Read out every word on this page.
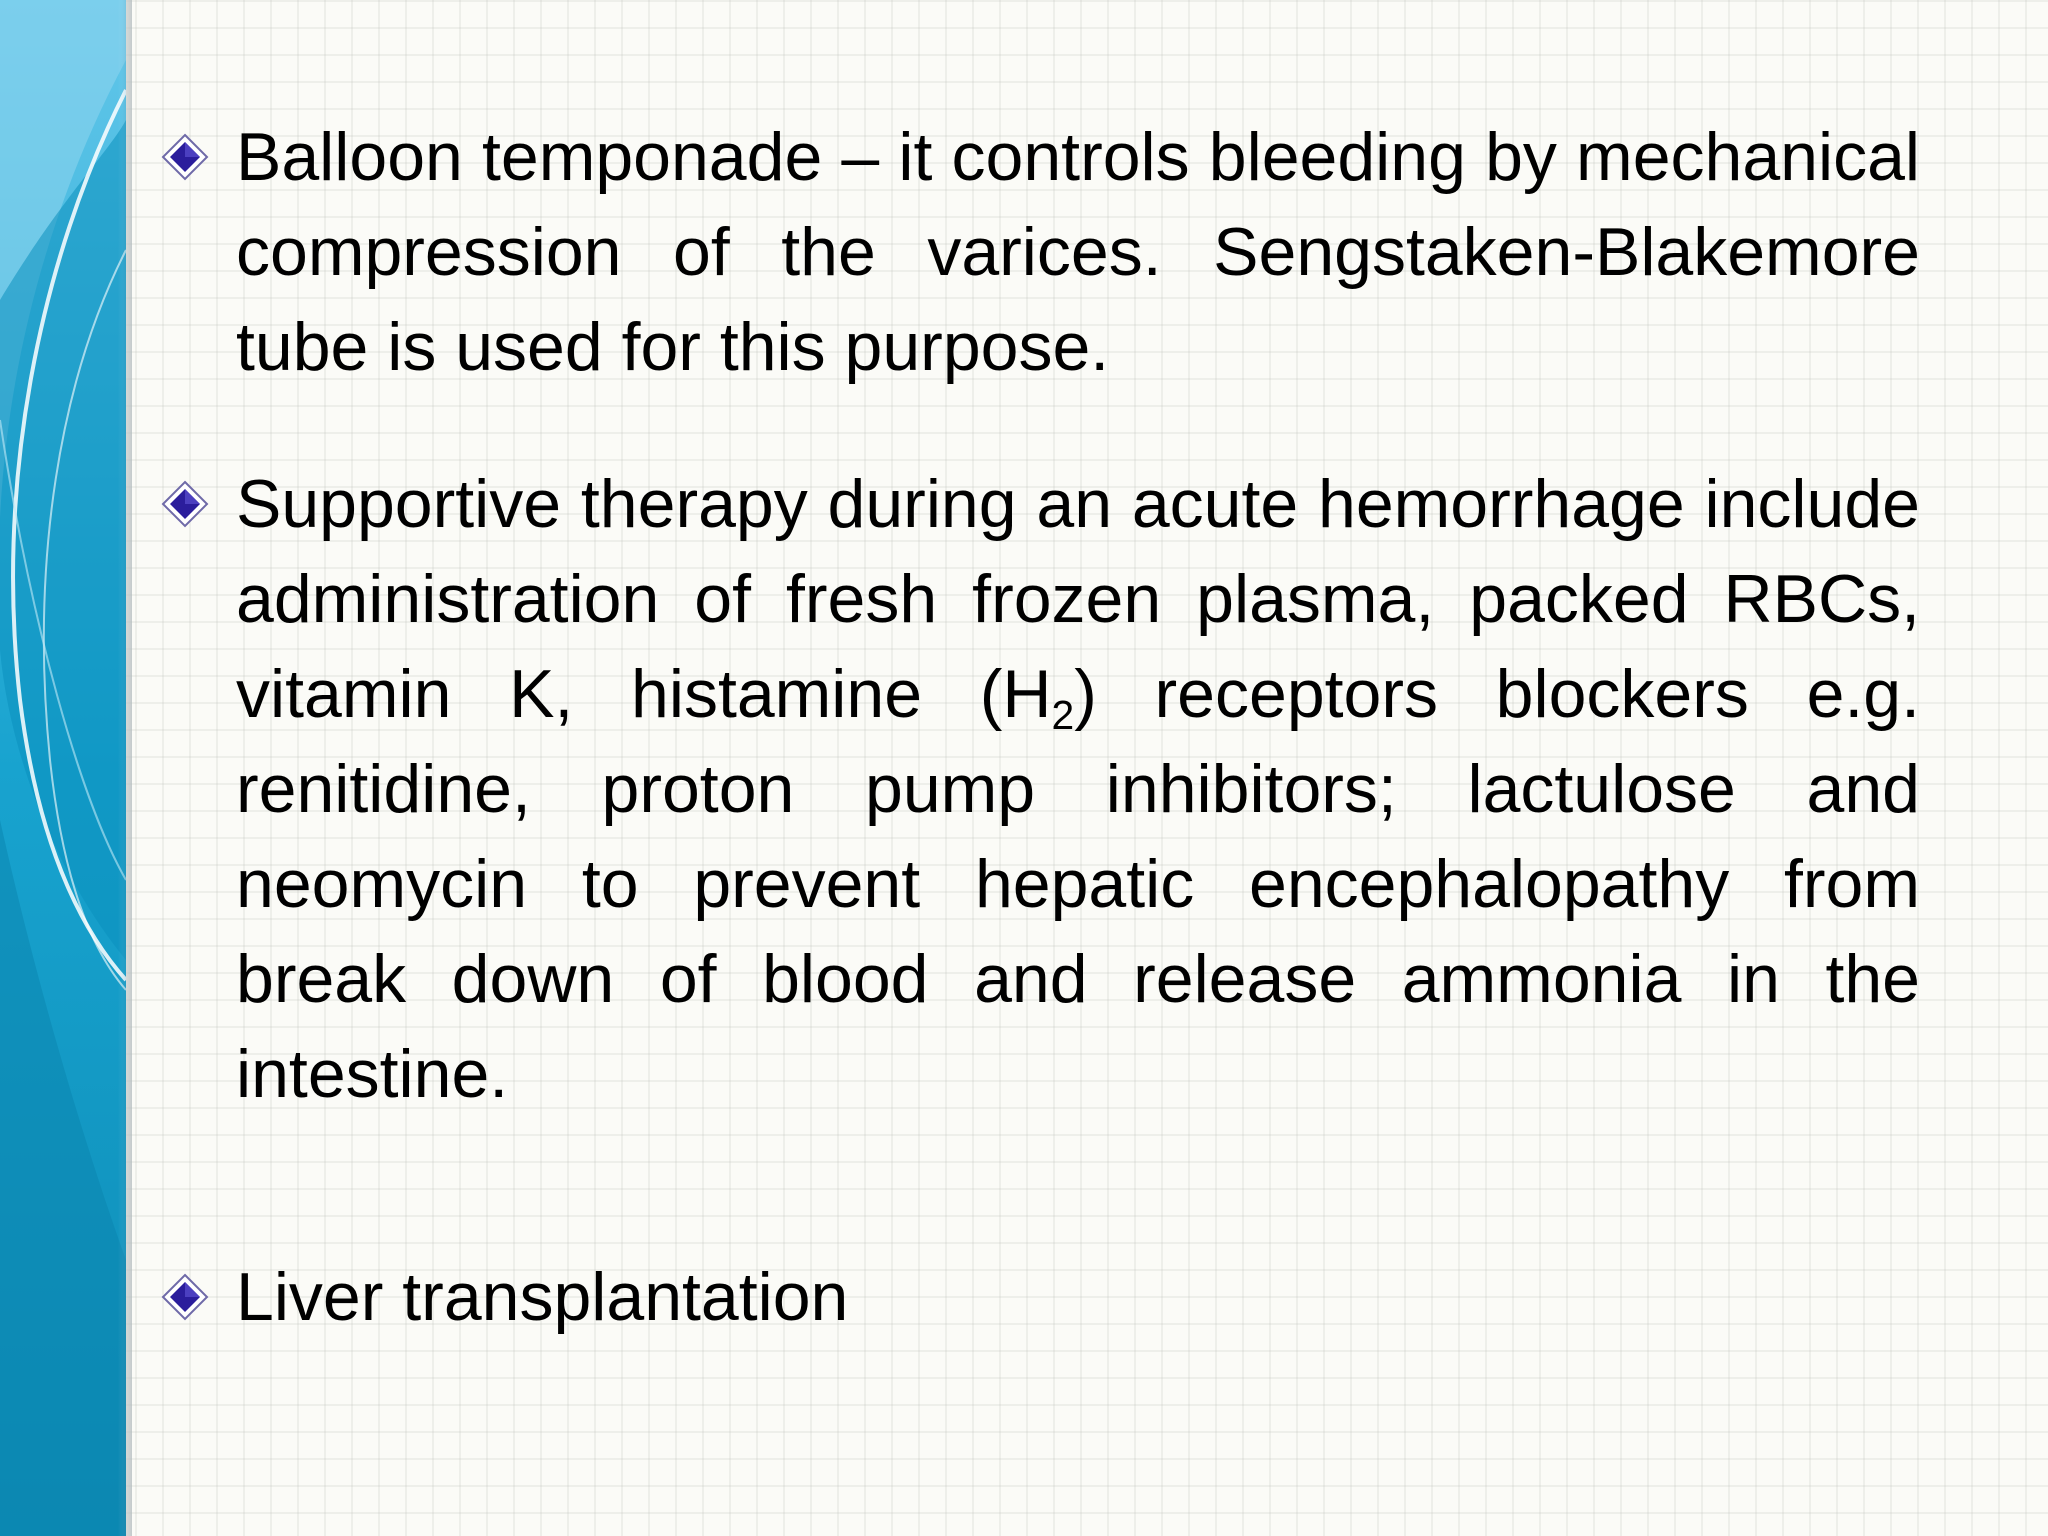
Balloon temponade – it controls bleeding by mechanical compression of the varices. Sengstaken-Blakemore tube is used for this purpose.

Supportive therapy during an acute hemorrhage include administration of fresh frozen plasma, packed RBCs, vitamin K, histamine $(H_2)$ receptors blockers e.g. renitidine, proton pump inhibitors; lactulose and neomycin to prevent hepatic encephalopathy from break down of blood and release ammonia in the intestine.

Liver transplantation
